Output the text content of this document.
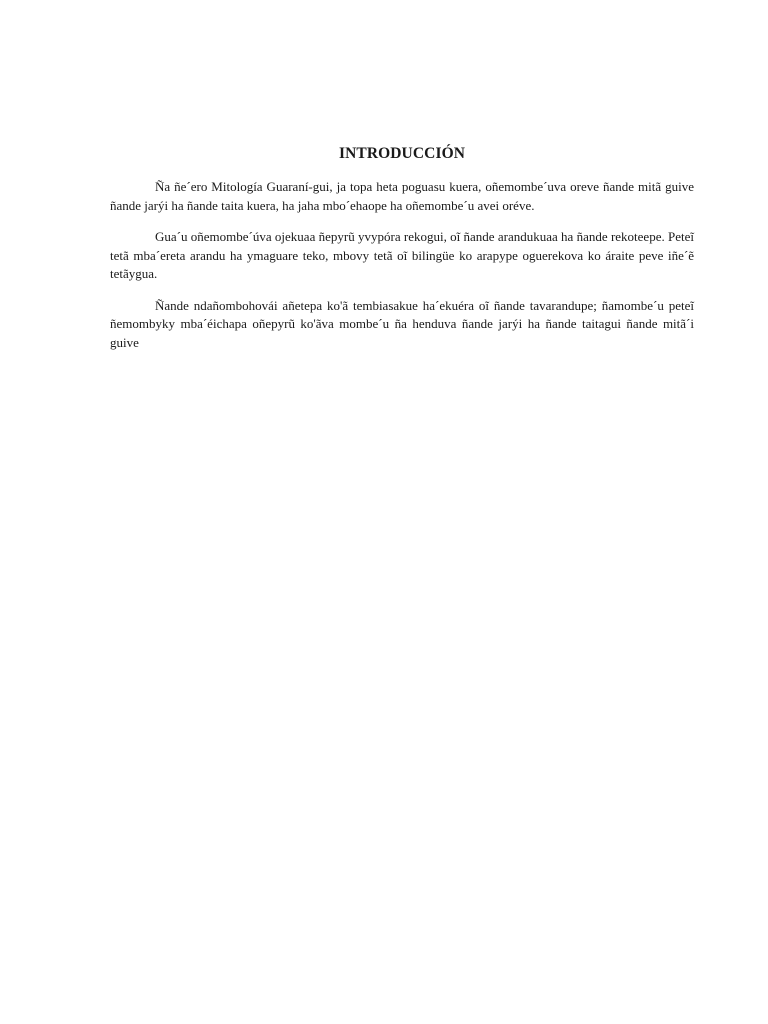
INTRODUCCIÓN

Ña ñe´ero Mitología Guaraní-gui, ja topa heta poguasu kuera, oñemombe´uva oreve ñande mitã guive ñande jarýi ha ñande taita kuera, ha jaha mbo´ehaope ha oñemombe´u avei oréve.

Gua´u oñemombe´úva ojekuaa ñepyrũ yvypóra rekogui, oĩ ñande arandukuaa ha ñande rekoteepe. Peteĩ tetã mba´ereta arandu ha ymaguare teko, mbovy tetã oĩ bilingüe ko arapype oguerekova ko áraite peve iñe´ẽ tetãygua.

Ñande ndañombohovái añetepa ko'ã tembiasakue ha´ekuéra oĩ ñande tavarandupe; ñamombe´u peteĩ ñemombyky mba´éichapa oñepyrũ ko'ãva mombe´u ña henduva ñande jarýi ha ñande taitagui ñande mitã´i guive
